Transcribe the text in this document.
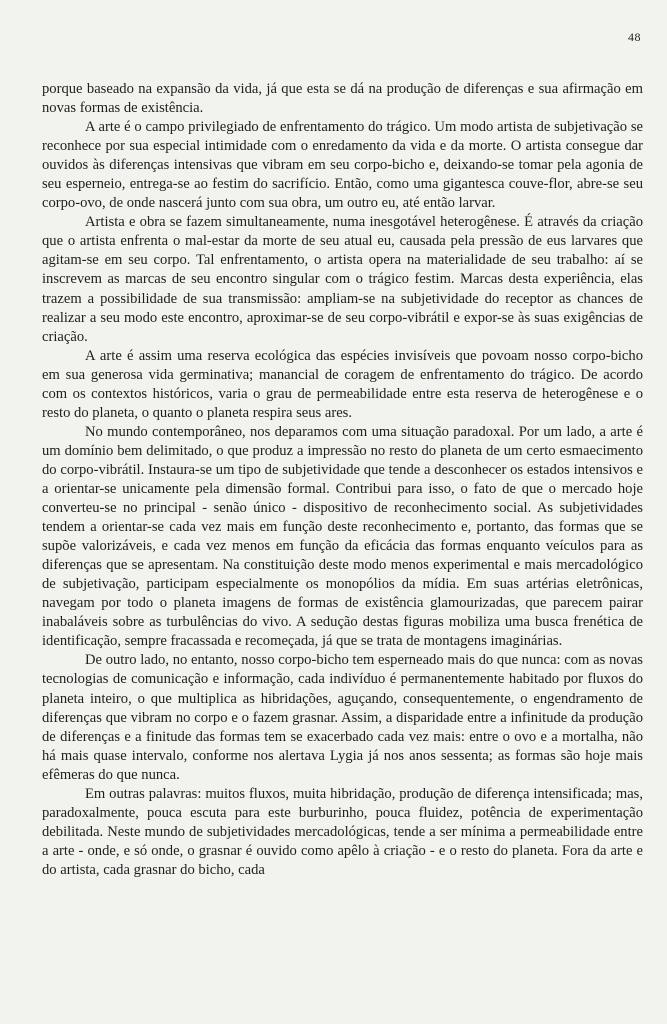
48

porque baseado na expansão da vida, já que esta se dá na produção de diferenças e sua afirmação em novas formas de existência.

A arte é o campo privilegiado de enfrentamento do trágico. Um modo artista de subjetivação se reconhece por sua especial intimidade com o enredamento da vida e da morte. O artista consegue dar ouvidos às diferenças intensivas que vibram em seu corpo-bicho e, deixando-se tomar pela agonia de seu esperneio, entrega-se ao festim do sacrifício. Então, como uma gigantesca couve-flor, abre-se seu corpo-ovo, de onde nascerá junto com sua obra, um outro eu, até então larvar.

Artista e obra se fazem simultaneamente, numa inesgotável heterogênese. É através da criação que o artista enfrenta o mal-estar da morte de seu atual eu, causada pela pressão de eus larvares que agitam-se em seu corpo. Tal enfrentamento, o artista opera na materialidade de seu trabalho: aí se inscrevem as marcas de seu encontro singular com o trágico festim. Marcas desta experiência, elas trazem a possibilidade de sua transmissão: ampliam-se na subjetividade do receptor as chances de realizar a seu modo este encontro, aproximar-se de seu corpo-vibrátil e expor-se às suas exigências de criação.

A arte é assim uma reserva ecológica das espécies invisíveis que povoam nosso corpo-bicho em sua generosa vida germinativa; manancial de coragem de enfrentamento do trágico. De acordo com os contextos históricos, varia o grau de permeabilidade entre esta reserva de heterogênese e o resto do planeta, o quanto o planeta respira seus ares.

No mundo contemporâneo, nos deparamos com uma situação paradoxal. Por um lado, a arte é um domínio bem delimitado, o que produz a impressão no resto do planeta de um certo esmaecimento do corpo-vibrátil. Instaura-se um tipo de subjetividade que tende a desconhecer os estados intensivos e a orientar-se unicamente pela dimensão formal. Contribui para isso, o fato de que o mercado hoje converteu-se no principal - senão único - dispositivo de reconhecimento social. As subjetividades tendem a orientar-se cada vez mais em função deste reconhecimento e, portanto, das formas que se supõe valorizáveis, e cada vez menos em função da eficácia das formas enquanto veículos para as diferenças que se apresentam. Na constituição deste modo menos experimental e mais mercadológico de subjetivação, participam especialmente os monopólios da mídia. Em suas artérias eletrônicas, navegam por todo o planeta imagens de formas de existência glamourizadas, que parecem pairar inabaláveis sobre as turbulências do vivo. A sedução destas figuras mobiliza uma busca frenética de identificação, sempre fracassada e recomeçada, já que se trata de montagens imaginárias.

De outro lado, no entanto, nosso corpo-bicho tem esperneado mais do que nunca: com as novas tecnologias de comunicação e informação, cada indivíduo é permanentemente habitado por fluxos do planeta inteiro, o que multiplica as hibridações, aguçando, consequentemente, o engendramento de diferenças que vibram no corpo e o fazem grasnar. Assim, a disparidade entre a infinitude da produção de diferenças e a finitude das formas tem se exacerbado cada vez mais: entre o ovo e a mortalha, não há mais quase intervalo, conforme nos alertava Lygia já nos anos sessenta; as formas são hoje mais efêmeras do que nunca.

Em outras palavras: muitos fluxos, muita hibridação, produção de diferença intensificada; mas, paradoxalmente, pouca escuta para este burburinho, pouca fluidez, potência de experimentação debilitada. Neste mundo de subjetividades mercadológicas, tende a ser mínima a permeabilidade entre a arte - onde, e só onde, o grasnar é ouvido como apêlo à criação - e o resto do planeta. Fora da arte e do artista, cada grasnar do bicho, cada
